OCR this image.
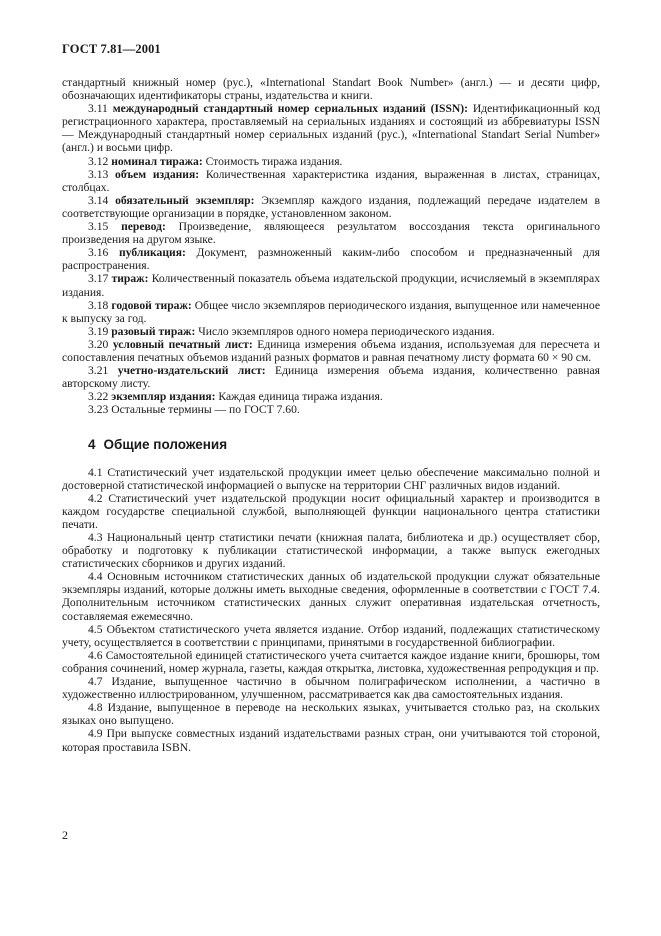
ГОСТ 7.81—2001

стандартный книжный номер (рус.), «International Standart Book Number» (англ.) — и десяти цифр, обозначающих идентификаторы страны, издательства и книги.

3.11 международный стандартный номер сериальных изданий (ISSN): Идентификационный код регистрационного характера, проставляемый на сериальных изданиях и состоящий из аббревиатуры ISSN — Международный стандартный номер сериальных изданий (рус.), «International Standart Serial Number» (англ.) и восьми цифр.

3.12 номинал тиража: Стоимость тиража издания.

3.13 объем издания: Количественная характеристика издания, выраженная в листах, страницах, столбцах.

3.14 обязательный экземпляр: Экземпляр каждого издания, подлежащий передаче издателем в соответствующие организации в порядке, установленном законом.

3.15 перевод: Произведение, являющееся результатом воссоздания текста оригинального произведения на другом языке.

3.16 публикация: Документ, размноженный каким-либо способом и предназначенный для распространения.

3.17 тираж: Количественный показатель объема издательской продукции, исчисляемый в экземплярах издания.

3.18 годовой тираж: Общее число экземпляров периодического издания, выпущенное или намеченное к выпуску за год.

3.19 разовый тираж: Число экземпляров одного номера периодического издания.

3.20 условный печатный лист: Единица измерения объема издания, используемая для пересчета и сопоставления печатных объемов изданий разных форматов и равная печатному листу формата 60 × 90 см.

3.21 учетно-издательский лист: Единица измерения объема издания, количественно равная авторскому листу.

3.22 экземпляр издания: Каждая единица тиража издания.

3.23 Остальные термины — по ГОСТ 7.60.

4 Общие положения

4.1 Статистический учет издательской продукции имеет целью обеспечение максимально полной и достоверной статистической информацией о выпуске на территории СНГ различных видов изданий.

4.2 Статистический учет издательской продукции носит официальный характер и производится в каждом государстве специальной службой, выполняющей функции национального центра статистики печати.

4.3 Национальный центр статистики печати (книжная палата, библиотека и др.) осуществляет сбор, обработку и подготовку к публикации статистической информации, а также выпуск ежегодных статистических сборников и других изданий.

4.4 Основным источником статистических данных об издательской продукции служат обязательные экземпляры изданий, которые должны иметь выходные сведения, оформленные в соответствии с ГОСТ 7.4. Дополнительным источником статистических данных служит оперативная издательская отчетность, составляемая ежемесячно.

4.5 Объектом статистического учета является издание. Отбор изданий, подлежащих статистическому учету, осуществляется в соответствии с принципами, принятыми в государственной библиографии.

4.6 Самостоятельной единицей статистического учета считается каждое издание книги, брошюры, том собрания сочинений, номер журнала, газеты, каждая открытка, листовка, художественная репродукция и пр.

4.7 Издание, выпущенное частично в обычном полиграфическом исполнении, а частично в художественно иллюстрированном, улучшенном, рассматривается как два самостоятельных издания.

4.8 Издание, выпущенное в переводе на нескольких языках, учитывается столько раз, на скольких языках оно выпущено.

4.9 При выпуске совместных изданий издательствами разных стран, они учитываются той стороной, которая проставила ISBN.

2
